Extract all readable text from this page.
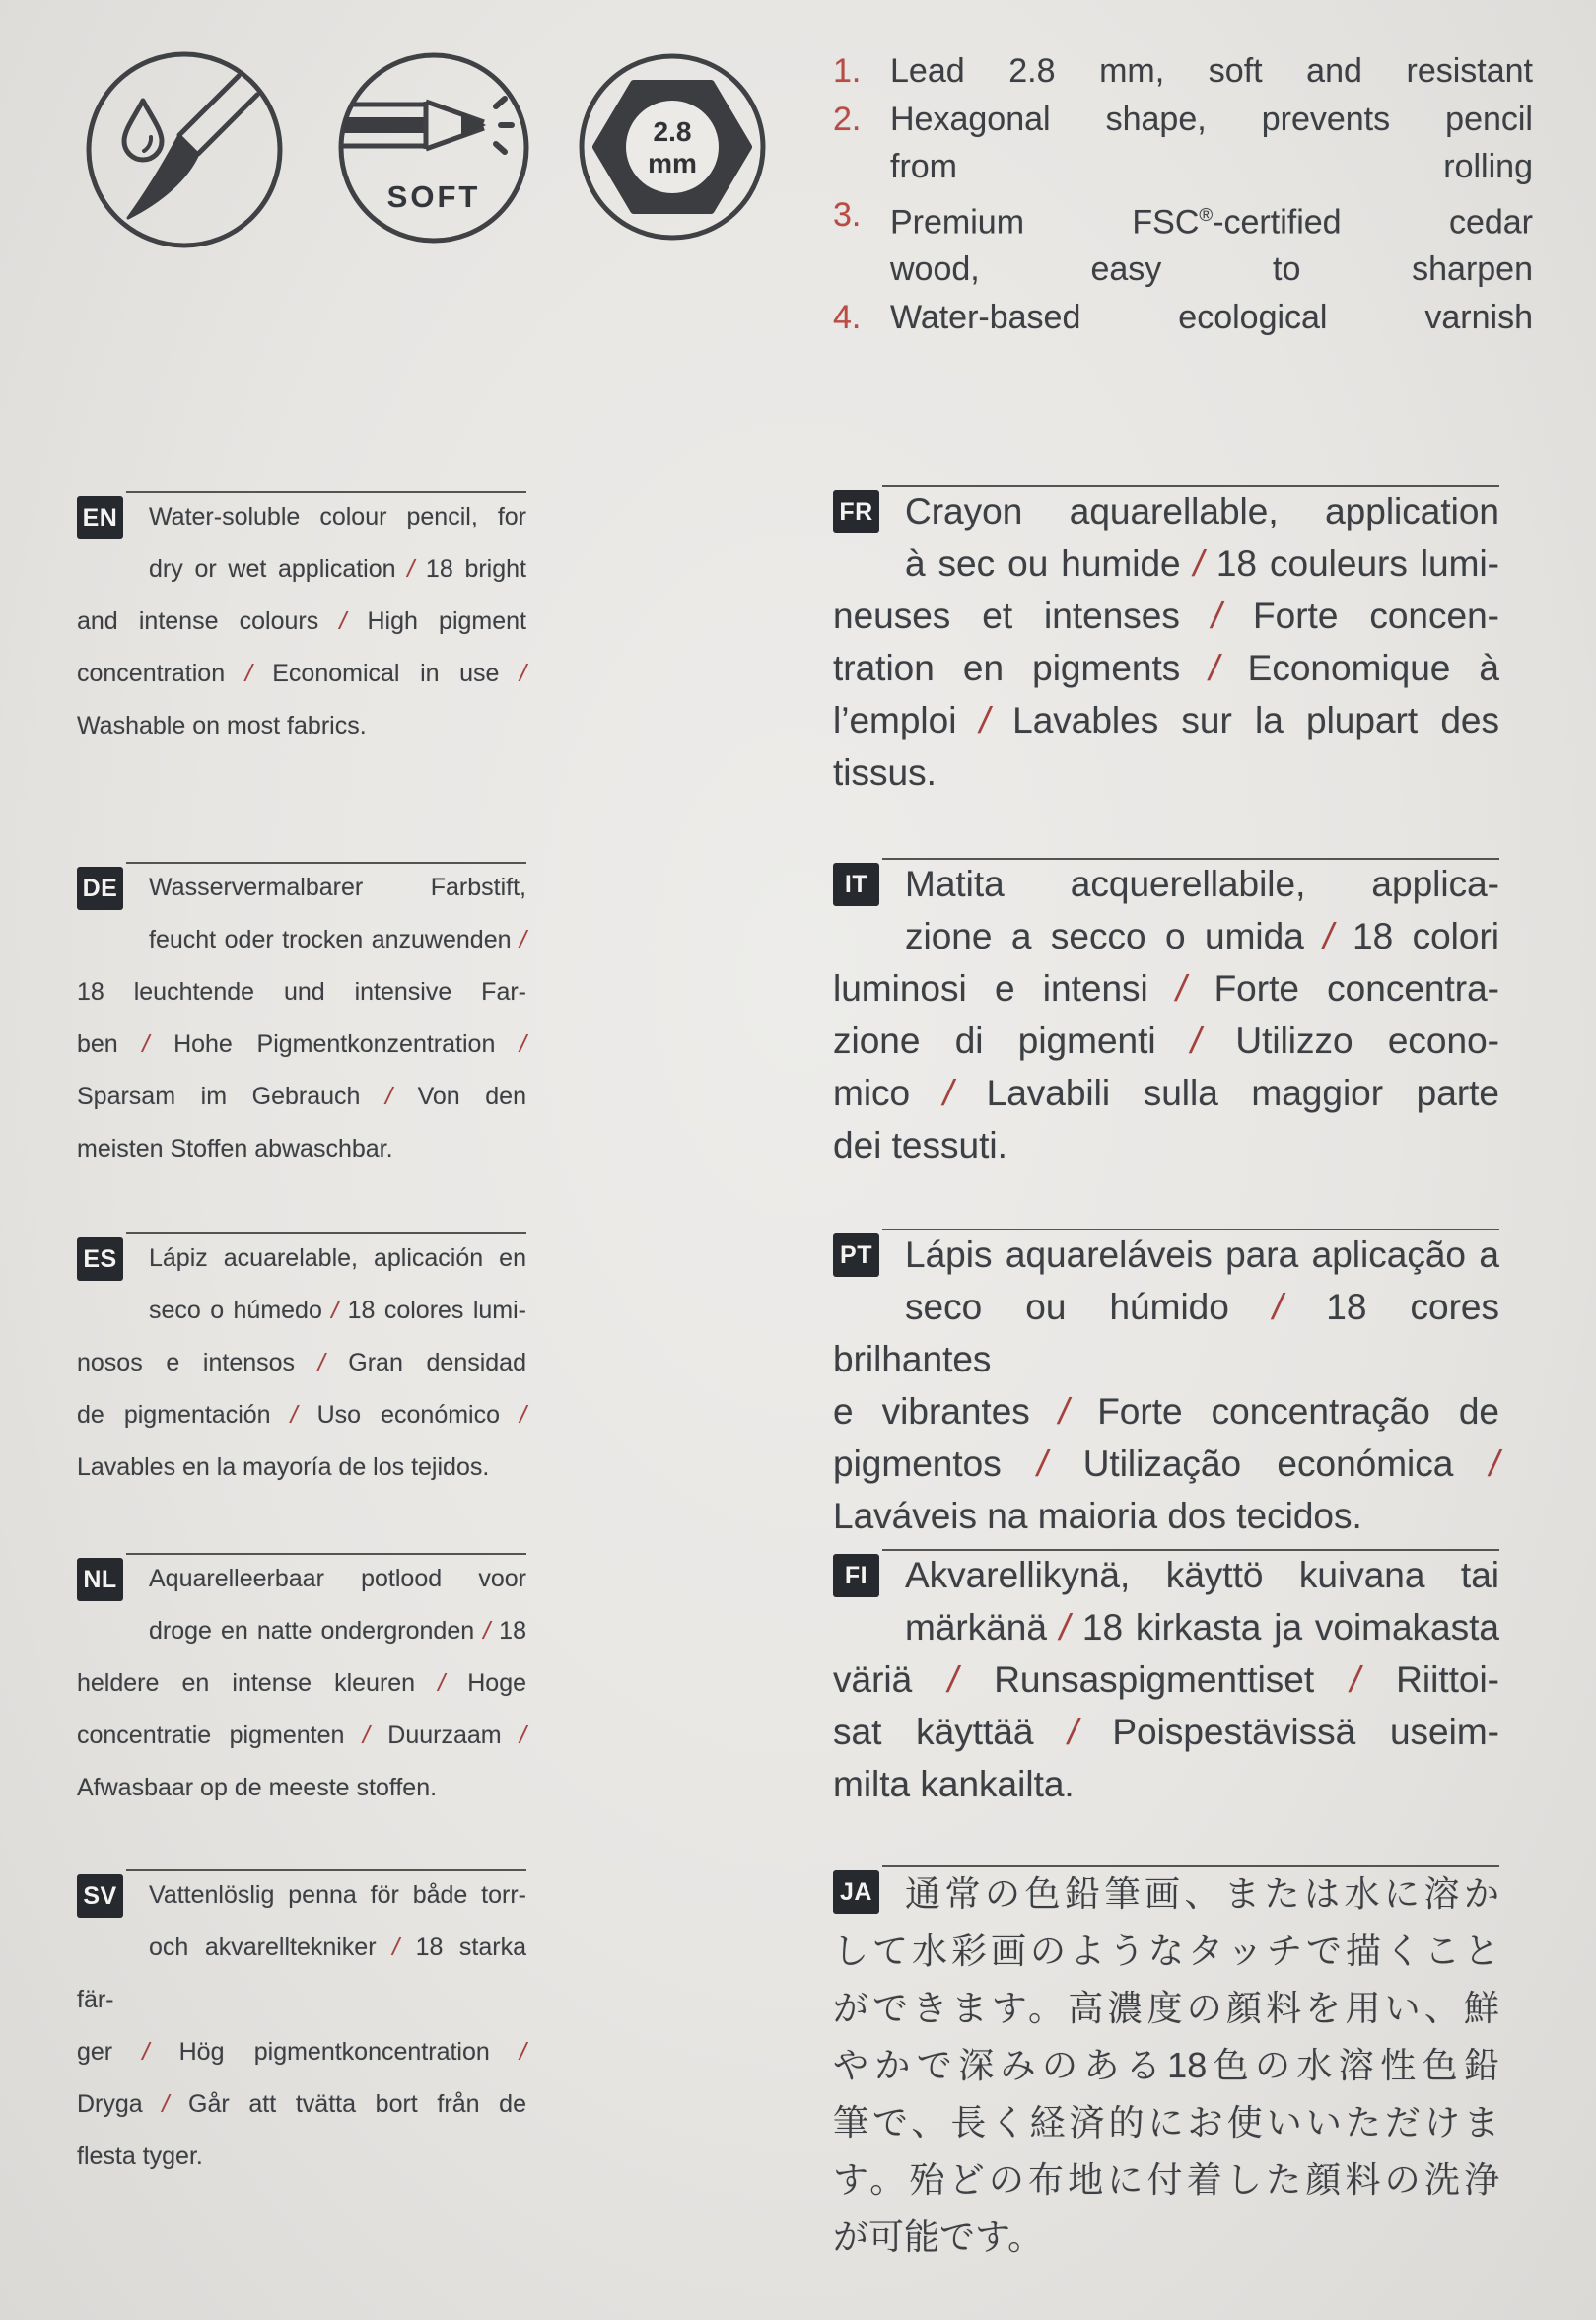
SOFT
2.8
mm
1. Lead 2.8 mm, soft and resistant
2. Hexagonal shape, prevents pencil
from rolling
3. Premium FSC®-certified cedar
wood, easy to sharpen
4. Water-based ecological varnish
EN	Water-soluble colour pencil, for
dry or wet application / 18 bright
and intense colours / High pigment
concentration / Economical in use /
Washable on most fabrics.
DE	Wasservermalbarer Farbstift,
feucht oder trocken anzuwenden /
18 leuchtende und intensive Far-
ben / Hohe Pigmentkonzentration /
Sparsam im Gebrauch / Von den
meisten Stoffen abwaschbar.
ES	Lápiz acuarelable, aplicación en
seco o húmedo / 18 colores lumi-
nosos e intensos / Gran densidad
de pigmentación / Uso económico /
Lavables en la mayoría de los tejidos.
NL	Aquarelleerbaar potlood voor
droge en natte ondergronden / 18
heldere en intense kleuren / Hoge
concentratie pigmenten / Duurzaam /
Afwasbaar op de meeste stoffen.
SV	Vattenlöslig penna för både torr-
och akvarelltekniker / 18 starka fär-
ger / Hög pigmentkoncentration /
Dryga / Går att tvätta bort från de
flesta tyger.
FR Crayon aquarellable, application
à sec ou humide / 18 couleurs lumi-
neuses et intenses / Forte concen-
tration en pigments / Economique à
l’emploi / Lavables sur la plupart des
tissus.
IT	Matita acquerellabile, applica-
zione a secco o umida / 18 colori
luminosi e intensi / Forte concentra-
zione di pigmenti / Utilizzo econo-
mico / Lavabili sulla maggior parte
dei tessuti.
PT Lápis aquareláveis para aplicação a
seco ou húmido / 18 cores brilhantes
e vibrantes / Forte concentração de
pigmentos / Utilização económica /
Laváveis na maioria dos tecidos.
FI	Akvarellikynä, käyttö kuivana tai
märkänä / 18 kirkasta ja voimakasta
väriä / Runsaspigmenttiset / Riittoi-
sat käyttää / Poispestävissä useim-
milta kankailta.
JA 通常の色鉛筆画、または水に溶か
して水彩画のようなタッチで描くこと
ができます。高濃度の顔料を用い、鮮
やかで深みのある18色の水溶性色鉛
筆で、長く経済的にお使いいただけま
す。殆どの布地に付着した顔料の洗浄
が可能です。
